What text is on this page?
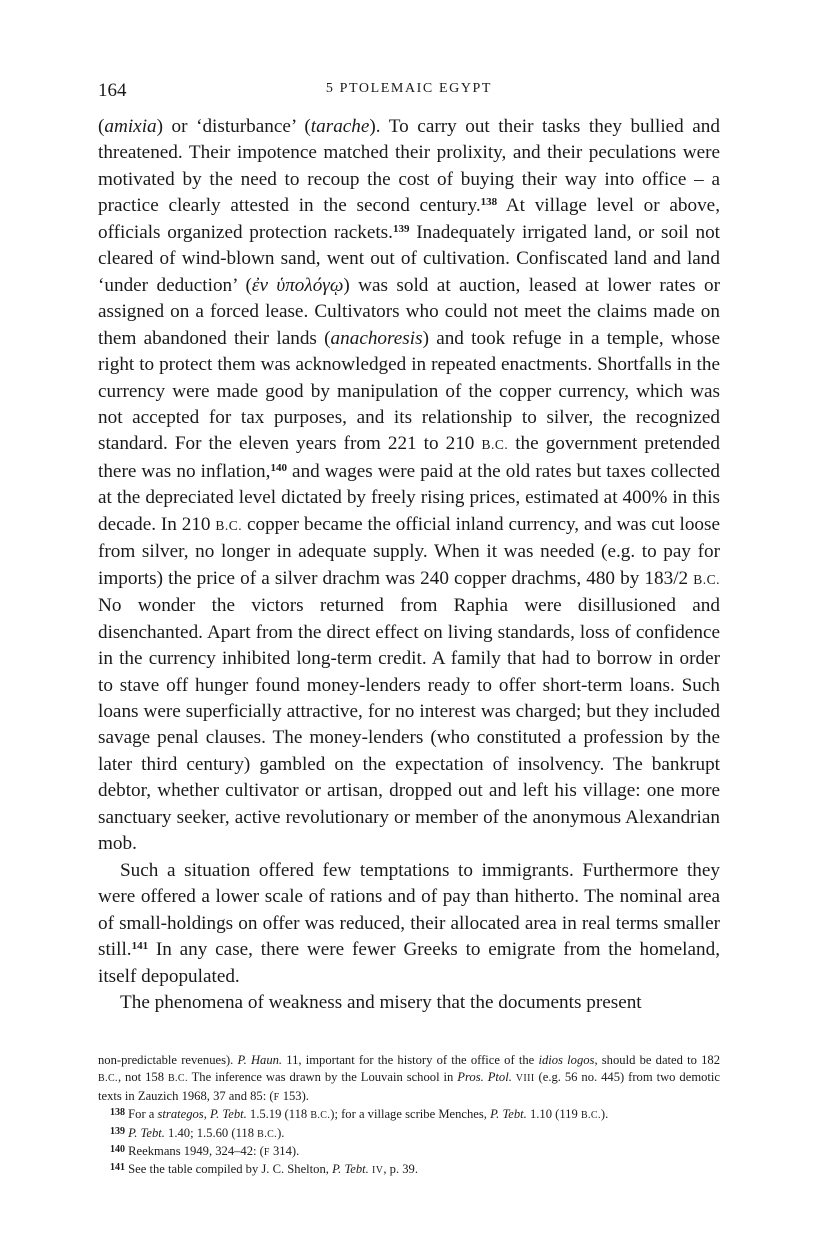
164	5 PTOLEMAIC EGYPT

(amixia) or ‘disturbance’ (tarache). To carry out their tasks they bullied and threatened. Their impotence matched their prolixity, and their peculations were motivated by the need to recoup the cost of buying their way into office – a practice clearly attested in the second century.$^{138}$ At village level or above, officials organized protection rackets.$^{139}$ Inadequately irrigated land, or soil not cleared of wind-blown sand, went out of cultivation. Confiscated land and land ‘under deduction’ (ἐν ὑπολόγῳ) was sold at auction, leased at lower rates or assigned on a forced lease. Cultivators who could not meet the claims made on them abandoned their lands (anachoresis) and took refuge in a temple, whose right to protect them was acknowledged in repeated enactments. Shortfalls in the currency were made good by manipulation of the copper currency, which was not accepted for tax purposes, and its relationship to silver, the recognized standard. For the eleven years from 221 to 210 B.C. the government pretended there was no inflation,$^{140}$ and wages were paid at the old rates but taxes collected at the depreciated level dictated by freely rising prices, estimated at 400% in this decade. In 210 B.C. copper became the official inland currency, and was cut loose from silver, no longer in adequate supply. When it was needed (e.g. to pay for imports) the price of a silver drachm was 240 copper drachms, 480 by 183/2 B.C. No wonder the victors returned from Raphia were disillusioned and disenchanted. Apart from the direct effect on living standards, loss of confidence in the currency inhibited long-term credit. A family that had to borrow in order to stave off hunger found money-lenders ready to offer short-term loans. Such loans were superficially attractive, for no interest was charged; but they included savage penal clauses. The money-lenders (who constituted a profession by the later third century) gambled on the expectation of insolvency. The bankrupt debtor, whether cultivator or artisan, dropped out and left his village: one more sanctuary seeker, active revolutionary or member of the anonymous Alexandrian mob.

Such a situation offered few temptations to immigrants. Furthermore they were offered a lower scale of rations and of pay than hitherto. The nominal area of small-holdings on offer was reduced, their allocated area in real terms smaller still.$^{141}$ In any case, there were fewer Greeks to emigrate from the homeland, itself depopulated.

The phenomena of weakness and misery that the documents present

non-predictable revenues). P. Haun. 11, important for the history of the office of the idios logos, should be dated to 182 B.C., not 158 B.C. The inference was drawn by the Louvain school in Pros. Ptol. VIII (e.g. 56 no. 445) from two demotic texts in Zauzich 1968, 37 and 85: (F 153).

$^{138}$ For a strategos, P. Tebt. 1.5.19 (118 B.C.); for a village scribe Menches, P. Tebt. 1.10 (119 B.C.).

$^{139}$ P. Tebt. 1.40; 1.5.60 (118 B.C.).

$^{140}$ Reekmans 1949, 324–42: (F 314).

$^{141}$ See the table compiled by J. C. Shelton, P. Tebt. IV, p. 39.
